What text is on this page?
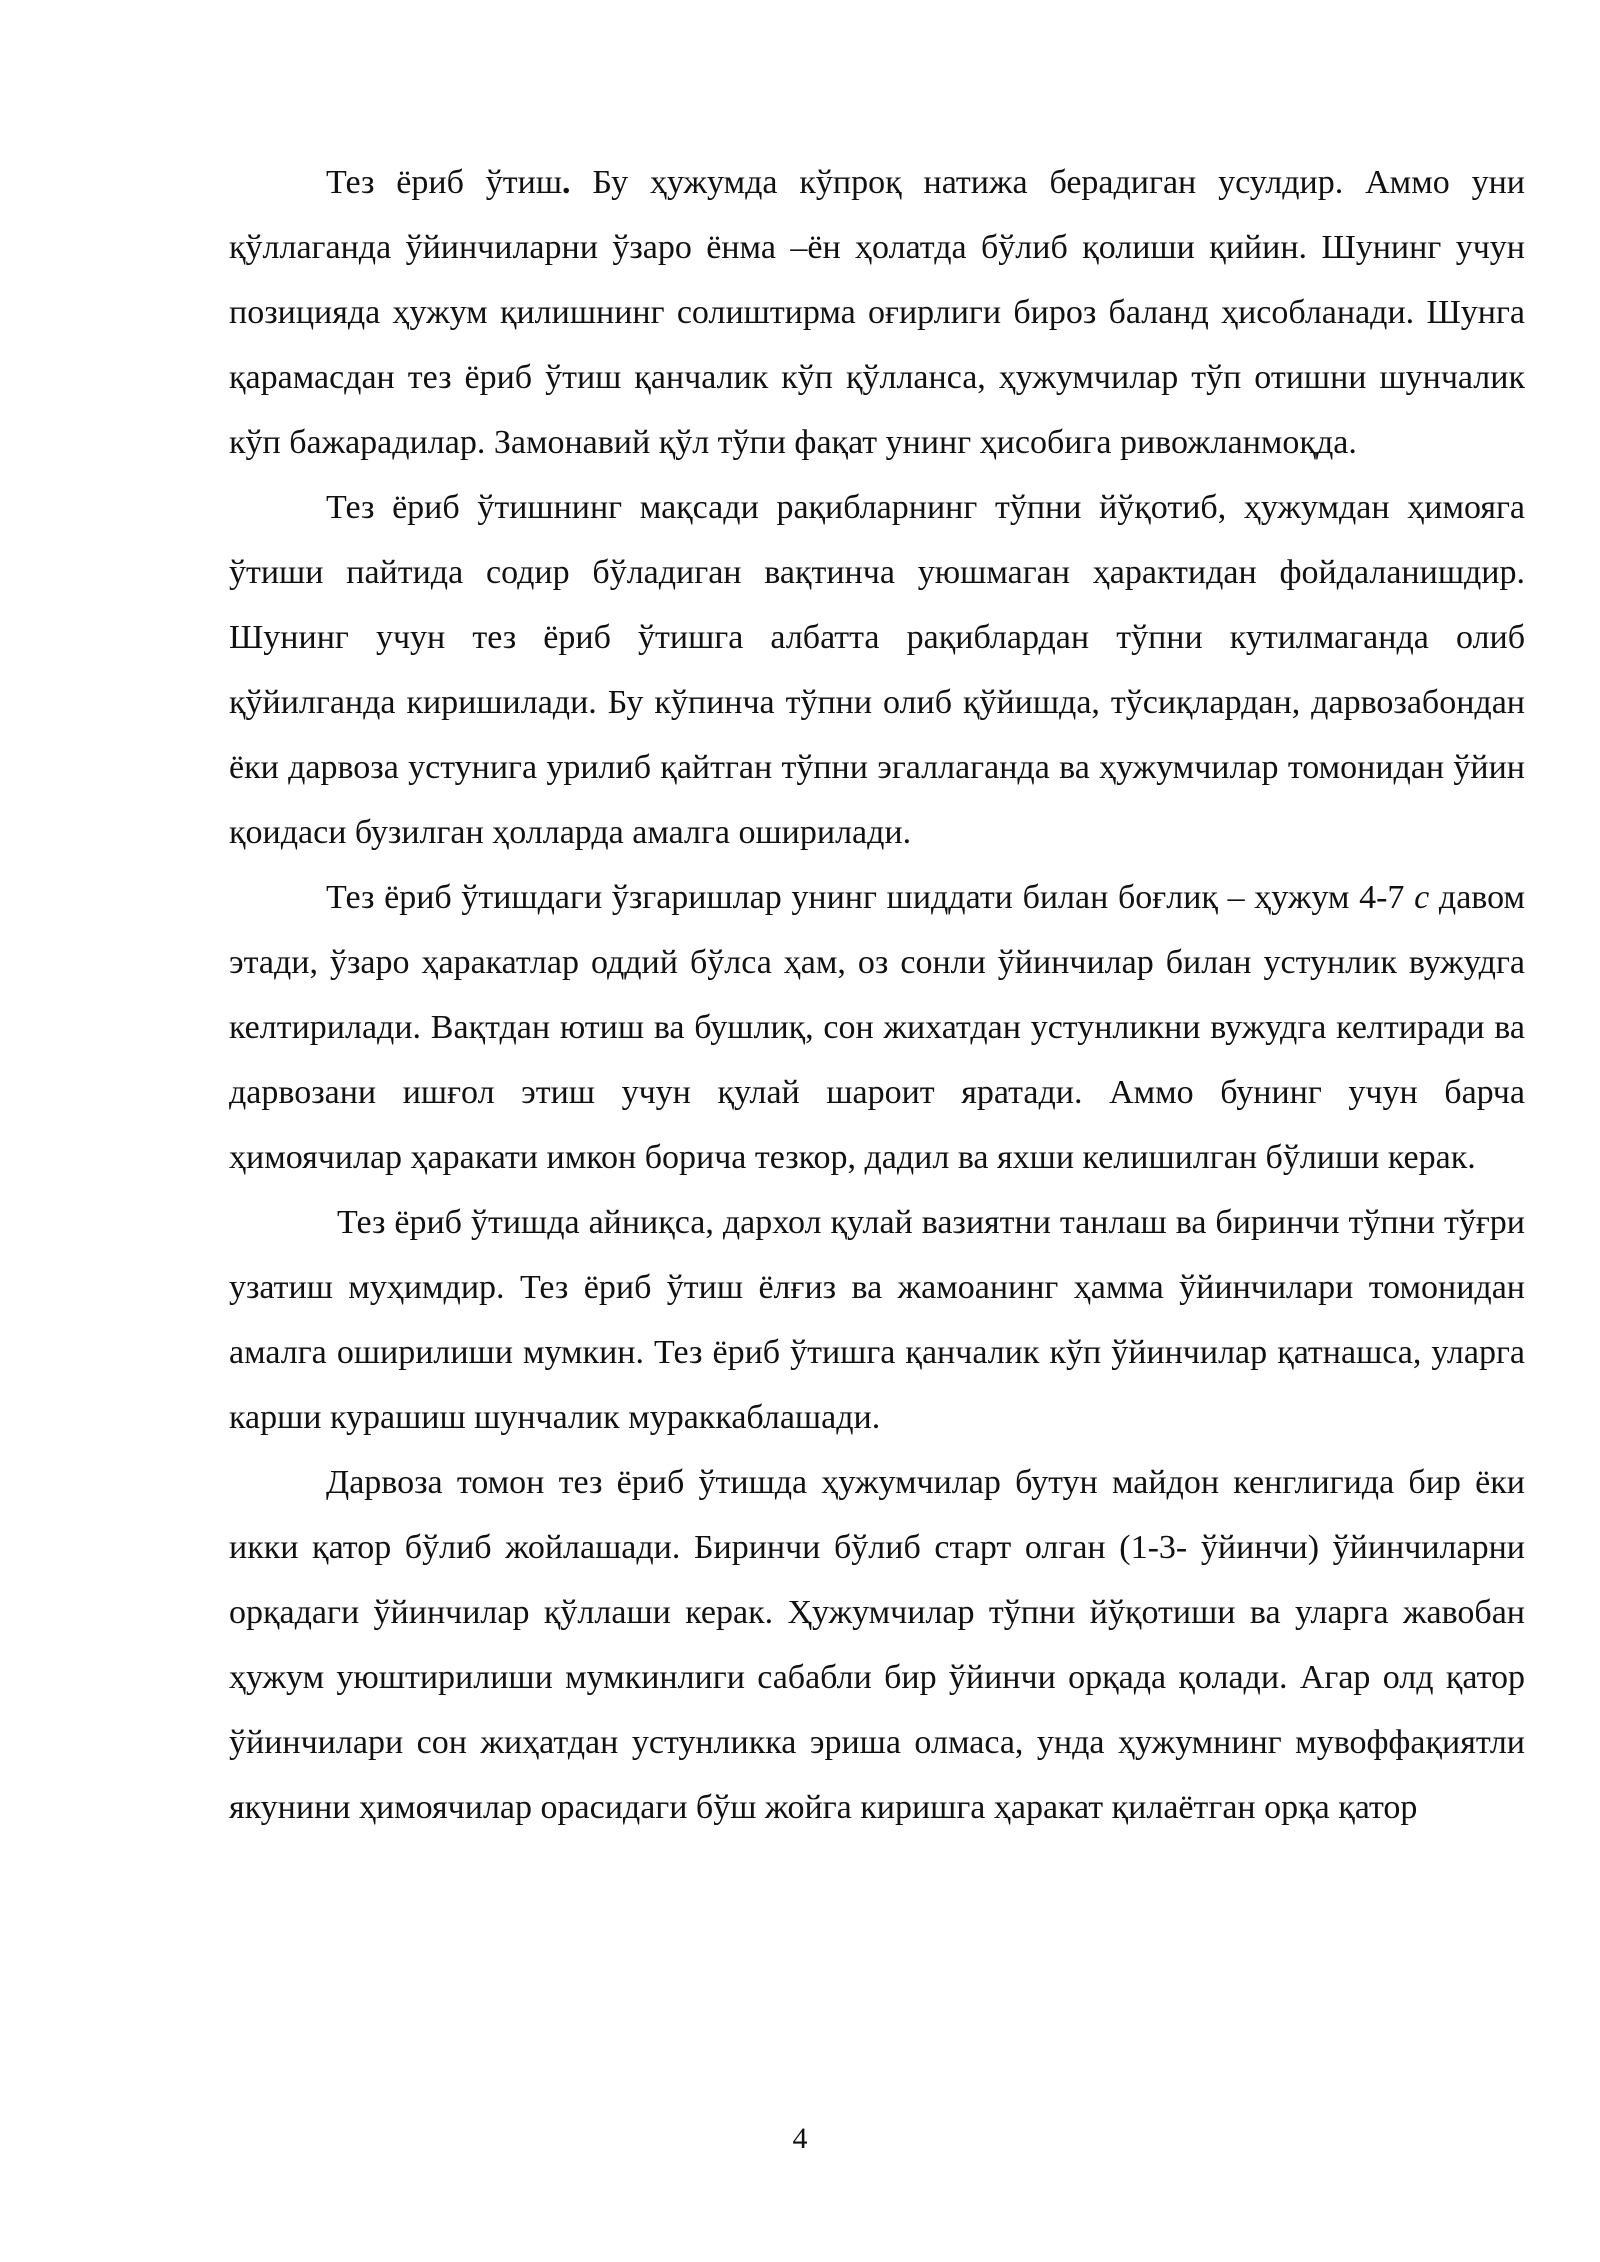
Тез ёриб ўтиш. Бу ҳужумда кўпроқ натижа берадиган усулдир. Аммо уни қўллаганда ўйинчиларни ўзаро ёнма –ён ҳолатда бўлиб қолиши қийин. Шунинг учун позицияда ҳужум қилишнинг солиштирма оғирлиги бироз баланд ҳисобланади. Шунга қарамасдан тез ёриб ўтиш қанчалик кўп қўлланса, ҳужумчилар тўп отишни шунчалик кўп бажарадилар. Замонавий қўл тўпи фақат унинг ҳисобига ривожланмоқда.

Тез ёриб ўтишнинг мақсади рақибларнинг тўпни йўқотиб, ҳужумдан ҳимояга ўтиши пайтида содир бўладиган вақтинча уюшмаган ҳарактидан фойдаланишдир. Шунинг учун тез ёриб ўтишга албатта рақиблардан тўпни кутилмаганда олиб қўйилганда киришилади. Бу кўпинча тўпни олиб қўйишда, тўсиқлардан, дарвозабондан ёки дарвоза устунига урилиб қайтган тўпни эгаллаганда ва ҳужумчилар томонидан ўйин қоидаси бузилган ҳолларда амалга оширилади.

Тез ёриб ўтишдаги ўзгаришлар унинг шиддати билан боғлиқ – ҳужум 4-7 с давом этади, ўзаро ҳаракатлар оддий бўлса ҳам, оз сонли ўйинчилар билан устунлик вужудга келтирилади. Вақтдан ютиш ва бушлиқ, сон жихатдан устунликни вужудга келтиради ва дарвозани ишғол этиш учун қулай шароит яратади. Аммо бунинг учун барча ҳимоячилар ҳаракати имкон борича тезкор, дадил ва яхши келишилган бўлиши керак.

Тез ёриб ўтишда айниқса, дархол қулай вазиятни танлаш ва биринчи тўпни тўғри узатиш муҳимдир. Тез ёриб ўтиш ёлғиз ва жамоанинг ҳамма ўйинчилари томонидан амалга оширилиши мумкин. Тез ёриб ўтишга қанчалик кўп ўйинчилар қатнашса, уларга карши курашиш шунчалик мураккаблашади.

Дарвоза томон тез ёриб ўтишда ҳужумчилар бутун майдон кенглигида бир ёки икки қатор бўлиб жойлашади. Биринчи бўлиб старт олган (1-3- ўйинчи) ўйинчиларни орқадаги ўйинчилар қўллаши керак. Ҳужумчилар тўпни йўқотиши ва уларга жавобан ҳужум уюштирилиши мумкинлиги сабабли бир ўйинчи орқада қолади. Агар олд қатор ўйинчилари сон жиҳатдан устунликка эриша олмаса, унда ҳужумнинг мувоффақиятли якунини ҳимоячилар орасидаги бўш жойга киришга ҳаракат қилаётган орқа қатор

4
